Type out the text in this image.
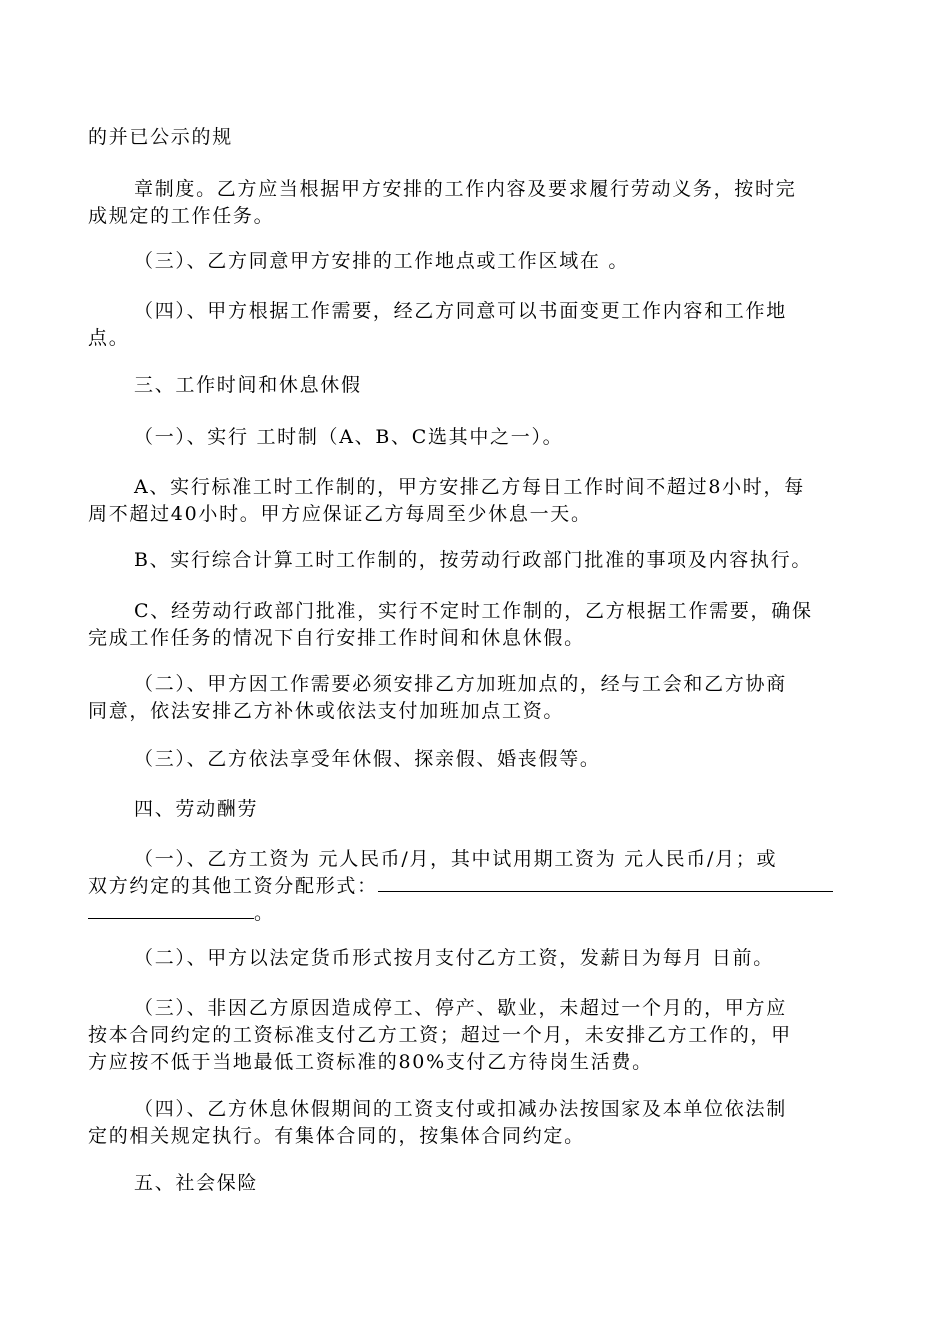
的并已公示的规

章制度。乙方应当根据甲方安排的工作内容及要求履行劳动义务，按时完
成规定的工作任务。

（三）、乙方同意甲方安排的工作地点或工作区域在 。

（四）、甲方根据工作需要，经乙方同意可以书面变更工作内容和工作地
点。

三、工作时间和休息休假

（一）、实行 工时制（A、B、C选其中之一）。

A、实行标准工时工作制的，甲方安排乙方每日工作时间不超过8小时，每
周不超过40小时。甲方应保证乙方每周至少休息一天。

B、实行综合计算工时工作制的，按劳动行政部门批准的事项及内容执行。

C、经劳动行政部门批准，实行不定时工作制的，乙方根据工作需要，确保
完成工作任务的情况下自行安排工作时间和休息休假。

（二）、甲方因工作需要必须安排乙方加班加点的，经与工会和乙方协商
同意，依法安排乙方补休或依法支付加班加点工资。

（三）、乙方依法享受年休假、探亲假、婚丧假等。

四、劳动酬劳

（一）、乙方工资为 元人民币/月，其中试用期工资为 元人民币/月；或
双方约定的其他工资分配形式：
。

（二）、甲方以法定货币形式按月支付乙方工资，发薪日为每月 日前。

（三）、非因乙方原因造成停工、停产、歇业，未超过一个月的，甲方应
按本合同约定的工资标准支付乙方工资；超过一个月，未安排乙方工作的，甲
方应按不低于当地最低工资标准的80%支付乙方待岗生活费。

（四）、乙方休息休假期间的工资支付或扣减办法按国家及本单位依法制
定的相关规定执行。有集体合同的，按集体合同约定。

五、社会保险
